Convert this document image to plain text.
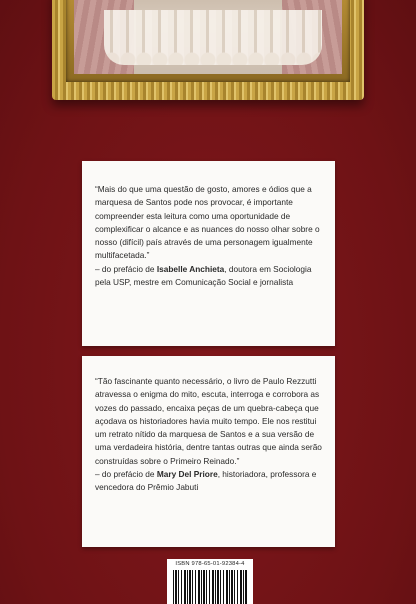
“Mais do que uma questão de gosto, amores e ódios que a marquesa de Santos pode nos provocar, é importante compreender esta leitura como uma oportunidade de complexificar o alcance e as nuances do nosso olhar sobre o nosso (difícil) país através de uma personagem igualmente multifacetada.”
– do prefácio de Isabelle Anchieta, doutora em Sociologia pela USP, mestre em Comunicação Social e jornalista

“Tão fascinante quanto necessário, o livro de Paulo Rezzutti atravessa o enigma do mito, escuta, interroga e corrobora as vozes do passado, encaixa peças de um quebra-cabeça que açodava os historiadores havia muito tempo. Ele nos restitui um retrato nítido da marquesa de Santos e a sua versão de uma verdadeira história, dentre tantas outras que ainda serão construídas sobre o Primeiro Reinado.”
– do prefácio de Mary Del Priore, historiadora, professora e vencedora do Prêmio Jabuti

ISBN 978-65-01-92384-4
